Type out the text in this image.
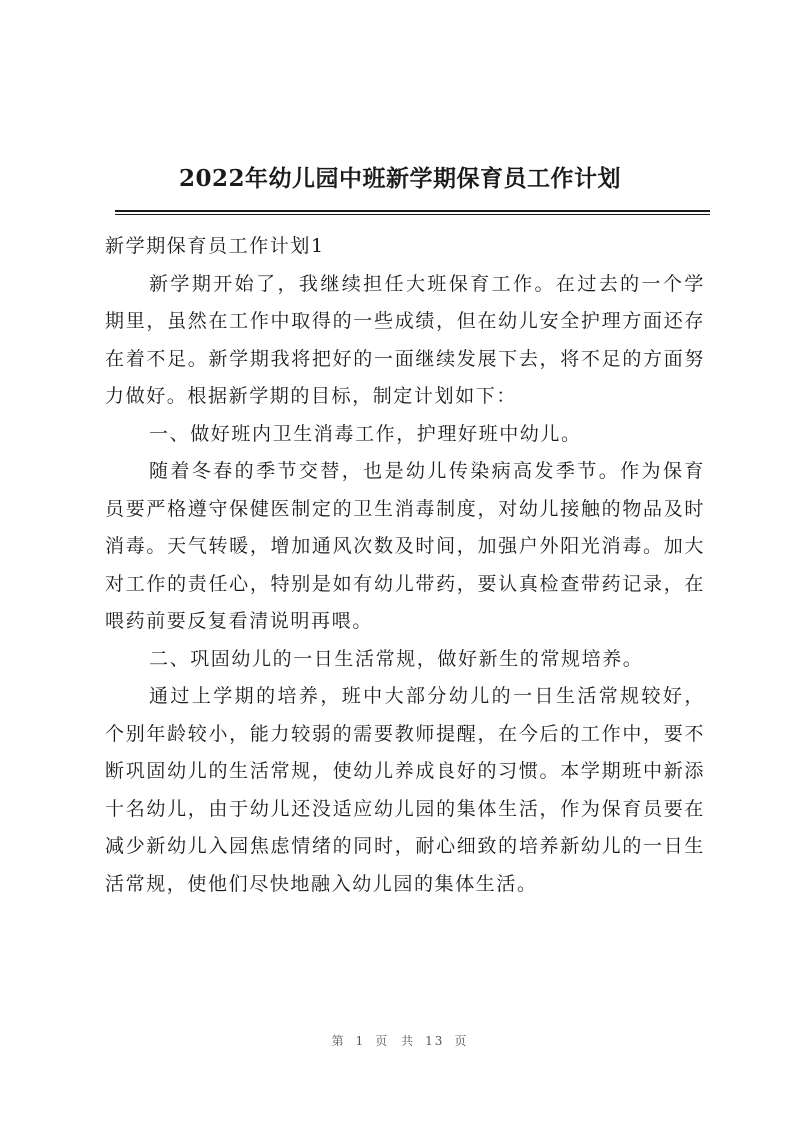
2022年幼儿园中班新学期保育员工作计划

新学期保育员工作计划1

新学期开始了，我继续担任大班保育工作。在过去的一个学期里，虽然在工作中取得的一些成绩，但在幼儿安全护理方面还存在着不足。新学期我将把好的一面继续发展下去，将不足的方面努力做好。根据新学期的目标，制定计划如下：

一、做好班内卫生消毒工作，护理好班中幼儿。

随着冬春的季节交替，也是幼儿传染病高发季节。作为保育员要严格遵守保健医制定的卫生消毒制度，对幼儿接触的物品及时消毒。天气转暖，增加通风次数及时间，加强户外阳光消毒。加大对工作的责任心，特别是如有幼儿带药，要认真检查带药记录，在喂药前要反复看清说明再喂。

二、巩固幼儿的一日生活常规，做好新生的常规培养。

通过上学期的培养，班中大部分幼儿的一日生活常规较好，个别年龄较小，能力较弱的需要教师提醒，在今后的工作中，要不断巩固幼儿的生活常规，使幼儿养成良好的习惯。本学期班中新添十名幼儿，由于幼儿还没适应幼儿园的集体生活，作为保育员要在减少新幼儿入园焦虑情绪的同时，耐心细致的培养新幼儿的一日生活常规，使他们尽快地融入幼儿园的集体生活。

第 1 页 共 13 页
